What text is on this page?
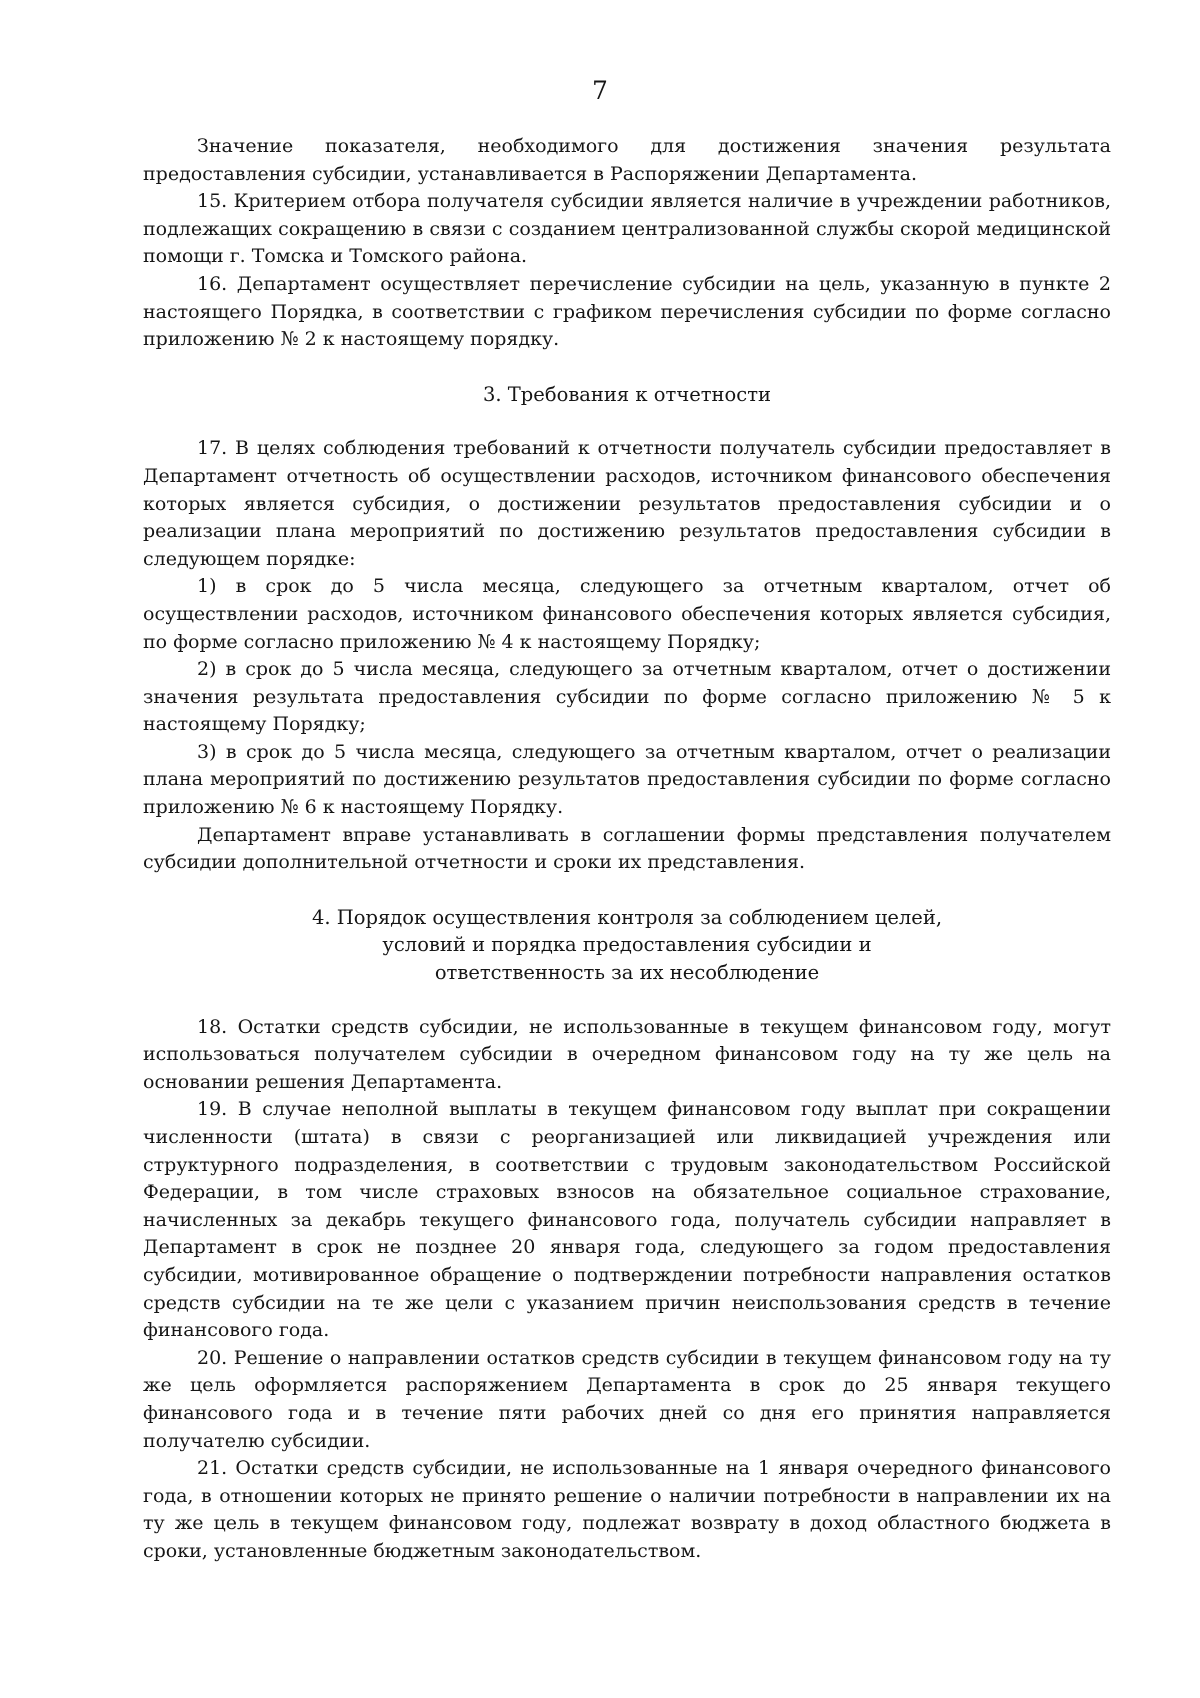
7

Значение показателя, необходимого для достижения значения результата предоставления субсидии, устанавливается в Распоряжении Департамента.

15. Критерием отбора получателя субсидии является наличие в учреждении работников, подлежащих сокращению в связи с созданием централизованной службы скорой медицинской помощи г. Томска и Томского района.

16. Департамент осуществляет перечисление субсидии на цель, указанную в пункте 2 настоящего Порядка, в соответствии с графиком перечисления субсидии по форме согласно приложению № 2 к настоящему порядку.

3. Требования к отчетности

17. В целях соблюдения требований к отчетности получатель субсидии предоставляет в Департамент отчетность об осуществлении расходов, источником финансового обеспечения которых является субсидия, о достижении результатов предоставления субсидии и о реализации плана мероприятий по достижению результатов предоставления субсидии в следующем порядке:

1) в срок до 5 числа месяца, следующего за отчетным кварталом, отчет об осуществлении расходов, источником финансового обеспечения которых является субсидия, по форме согласно приложению № 4 к настоящему Порядку;

2) в срок до 5 числа месяца, следующего за отчетным кварталом, отчет о достижении значения результата предоставления субсидии по форме согласно приложению № 5 к настоящему Порядку;

3) в срок до 5 числа месяца, следующего за отчетным кварталом, отчет о реализации плана мероприятий по достижению результатов предоставления субсидии по форме согласно приложению № 6 к настоящему Порядку.

Департамент вправе устанавливать в соглашении формы представления получателем субсидии дополнительной отчетности и сроки их представления.

4. Порядок осуществления контроля за соблюдением целей, условий и порядка предоставления субсидии и ответственность за их несоблюдение

18. Остатки средств субсидии, не использованные в текущем финансовом году, могут использоваться получателем субсидии в очередном финансовом году на ту же цель на основании решения Департамента.

19. В случае неполной выплаты в текущем финансовом году выплат при сокращении численности (штата) в связи с реорганизацией или ликвидацией учреждения или структурного подразделения, в соответствии с трудовым законодательством Российской Федерации, в том числе страховых взносов на обязательное социальное страхование, начисленных за декабрь текущего финансового года, получатель субсидии направляет в Департамент в срок не позднее 20 января года, следующего за годом предоставления субсидии, мотивированное обращение о подтверждении потребности направления остатков средств субсидии на те же цели с указанием причин неиспользования средств в течение финансового года.

20. Решение о направлении остатков средств субсидии в текущем финансовом году на ту же цель оформляется распоряжением Департамента в срок до 25 января текущего финансового года и в течение пяти рабочих дней со дня его принятия направляется получателю субсидии.

21. Остатки средств субсидии, не использованные на 1 января очередного финансового года, в отношении которых не принято решение о наличии потребности в направлении их на ту же цель в текущем финансовом году, подлежат возврату в доход областного бюджета в сроки, установленные бюджетным законодательством.
